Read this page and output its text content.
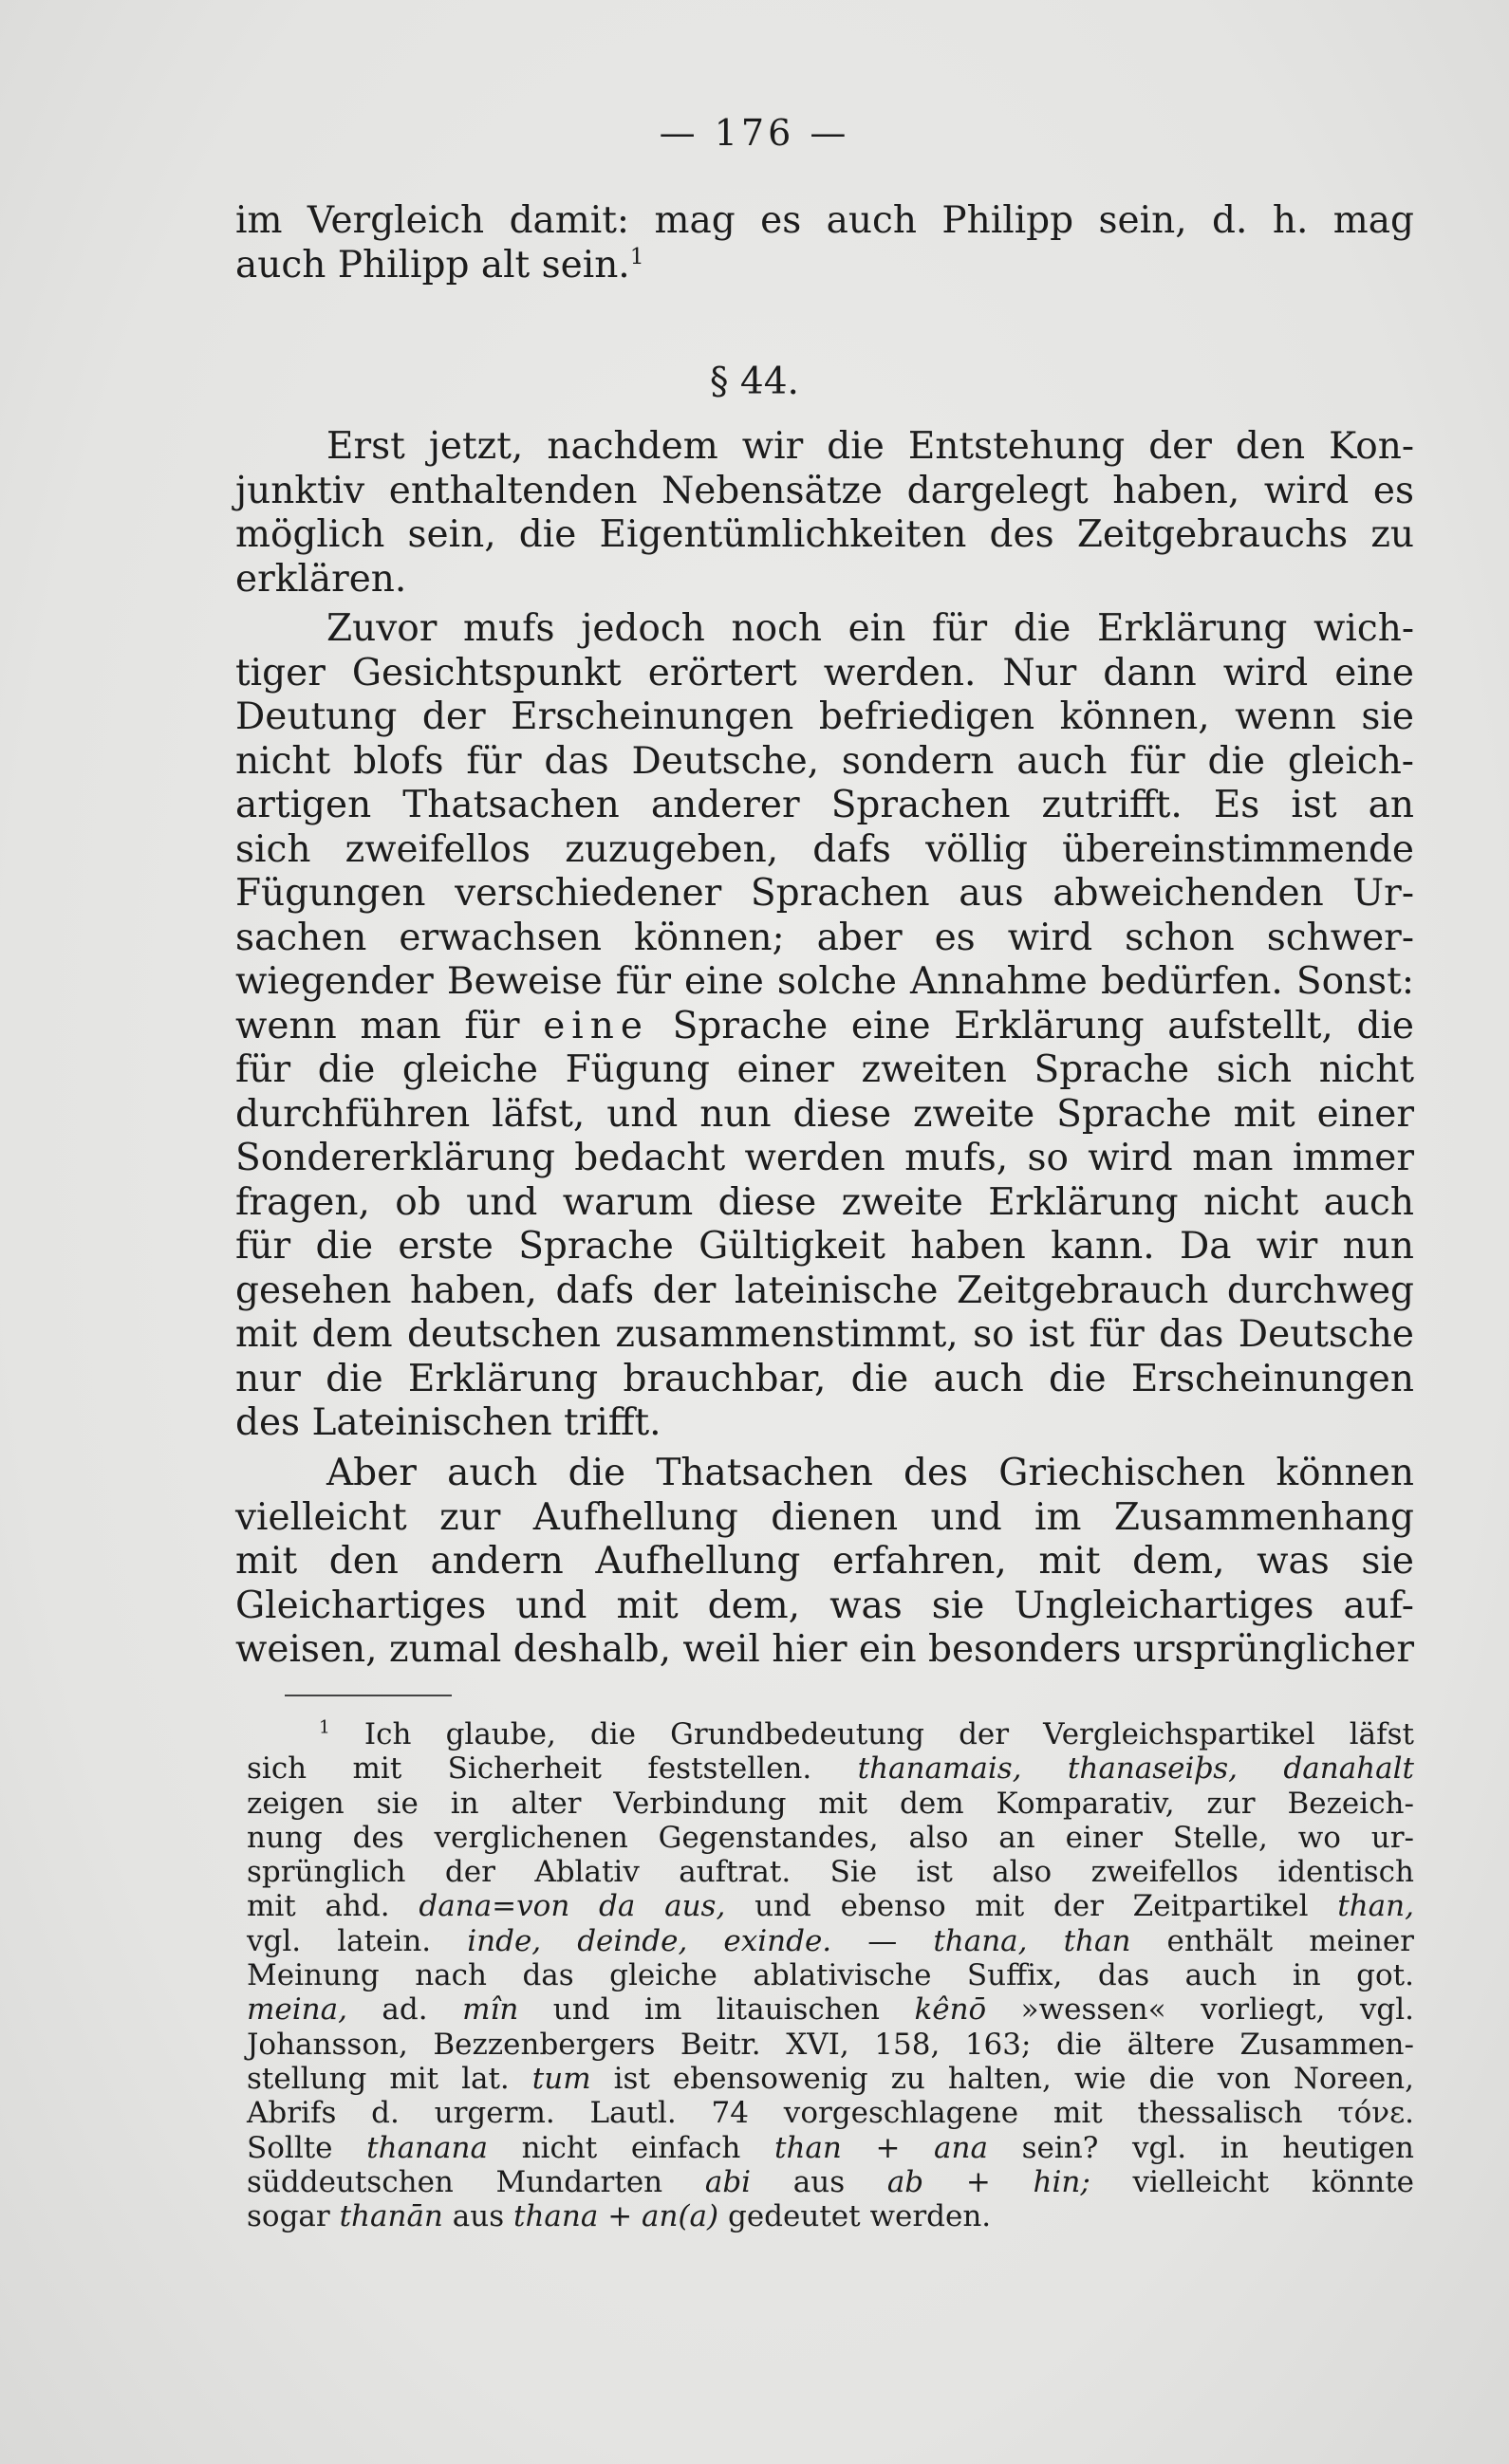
— 176 —
im Vergleich damit: mag es auch Philipp sein, d. h. mag
auch Philipp alt sein.$^1$
§ 44.
Erst jetzt, nachdem wir die Entstehung der den Kon-
junktiv enthaltenden Nebensätze dargelegt haben, wird es
möglich sein, die Eigentümlichkeiten des Zeitgebrauchs zu
erklären.
Zuvor mufs jedoch noch ein für die Erklärung wich-
tiger Gesichtspunkt erörtert werden. Nur dann wird eine
Deutung der Erscheinungen befriedigen können, wenn sie
nicht blofs für das Deutsche, sondern auch für die gleich-
artigen Thatsachen anderer Sprachen zutrifft. Es ist an
sich zweifellos zuzugeben, dafs völlig übereinstimmende
Fügungen verschiedener Sprachen aus abweichenden Ur-
sachen erwachsen können; aber es wird schon schwer-
wiegender Beweise für eine solche Annahme bedürfen. Sonst:
wenn man für eine Sprache eine Erklärung aufstellt, die
für die gleiche Fügung einer zweiten Sprache sich nicht
durchführen läfst, und nun diese zweite Sprache mit einer
Sondererklärung bedacht werden mufs, so wird man immer
fragen, ob und warum diese zweite Erklärung nicht auch
für die erste Sprache Gültigkeit haben kann. Da wir nun
gesehen haben, dafs der lateinische Zeitgebrauch durchweg
mit dem deutschen zusammenstimmt, so ist für das Deutsche
nur die Erklärung brauchbar, die auch die Erscheinungen
des Lateinischen trifft.
Aber auch die Thatsachen des Griechischen können
vielleicht zur Aufhellung dienen und im Zusammenhang
mit den andern Aufhellung erfahren, mit dem, was sie
Gleichartiges und mit dem, was sie Ungleichartiges auf-
weisen, zumal deshalb, weil hier ein besonders ursprünglicher
$^1$ Ich glaube, die Grundbedeutung der Vergleichspartikel läfst
sich mit Sicherheit feststellen. thanamais, thanaseiþs, danahalt
zeigen sie in alter Verbindung mit dem Komparativ, zur Bezeich-
nung des verglichenen Gegenstandes, also an einer Stelle, wo ur-
sprünglich der Ablativ auftrat. Sie ist also zweifellos identisch
mit ahd. dana=von da aus, und ebenso mit der Zeitpartikel than,
vgl. latein. inde, deinde, exinde. — thana, than enthält meiner
Meinung nach das gleiche ablativische Suffix, das auch in got.
meina, ad. mîn und im litauischen kênō »wessen« vorliegt, vgl.
Johansson, Bezzenbergers Beitr. XVI, 158, 163; die ältere Zusammen-
stellung mit lat. tum ist ebensowenig zu halten, wie die von Noreen,
Abrifs d. urgerm. Lautl. 74 vorgeschlagene mit thessalisch τόνε.
Sollte thanana nicht einfach than + ana sein? vgl. in heutigen
süddeutschen Mundarten abi aus ab + hin; vielleicht könnte
sogar thanān aus thana + an(a) gedeutet werden.
